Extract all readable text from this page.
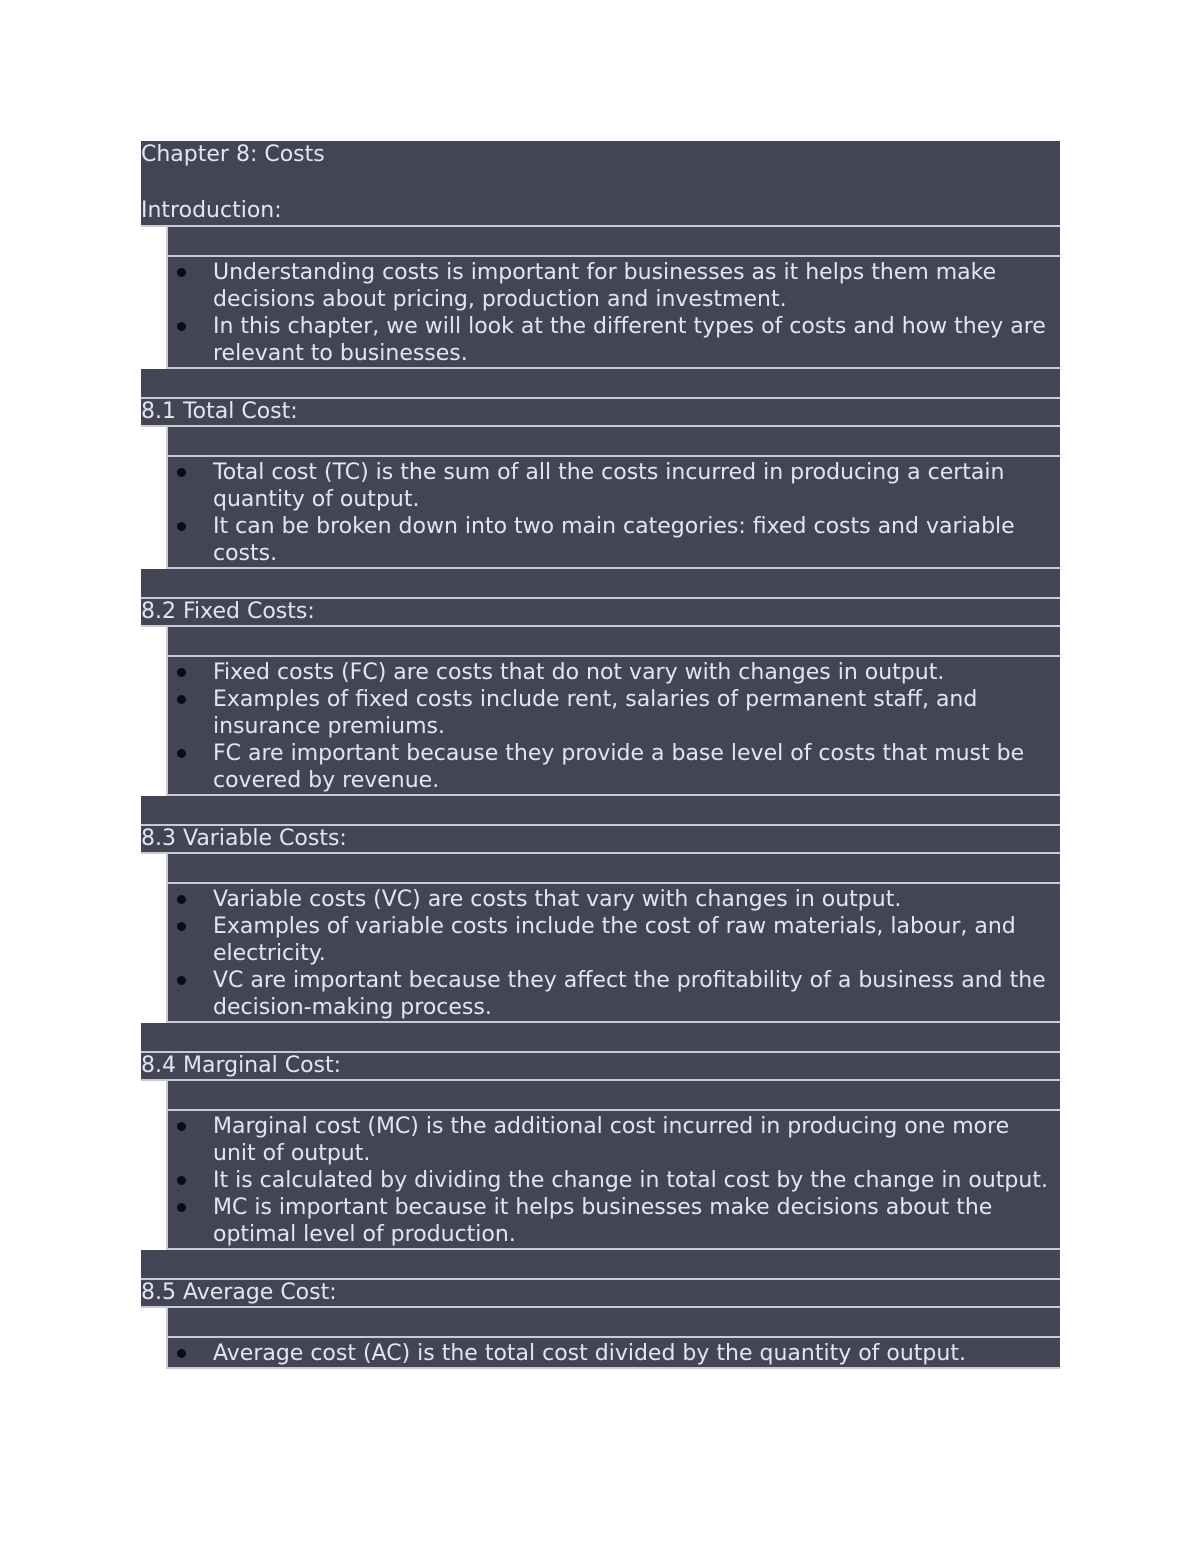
Chapter 8: Costs
Introduction:
Understanding costs is important for businesses as it helps them make decisions about pricing, production and investment.
In this chapter, we will look at the different types of costs and how they are relevant to businesses.
8.1 Total Cost:
Total cost (TC) is the sum of all the costs incurred in producing a certain quantity of output.
It can be broken down into two main categories: fixed costs and variable costs.
8.2 Fixed Costs:
Fixed costs (FC) are costs that do not vary with changes in output.
Examples of fixed costs include rent, salaries of permanent staff, and insurance premiums.
FC are important because they provide a base level of costs that must be covered by revenue.
8.3 Variable Costs:
Variable costs (VC) are costs that vary with changes in output.
Examples of variable costs include the cost of raw materials, labour, and electricity.
VC are important because they affect the profitability of a business and the decision-making process.
8.4 Marginal Cost:
Marginal cost (MC) is the additional cost incurred in producing one more unit of output.
It is calculated by dividing the change in total cost by the change in output.
MC is important because it helps businesses make decisions about the optimal level of production.
8.5 Average Cost:
Average cost (AC) is the total cost divided by the quantity of output.
